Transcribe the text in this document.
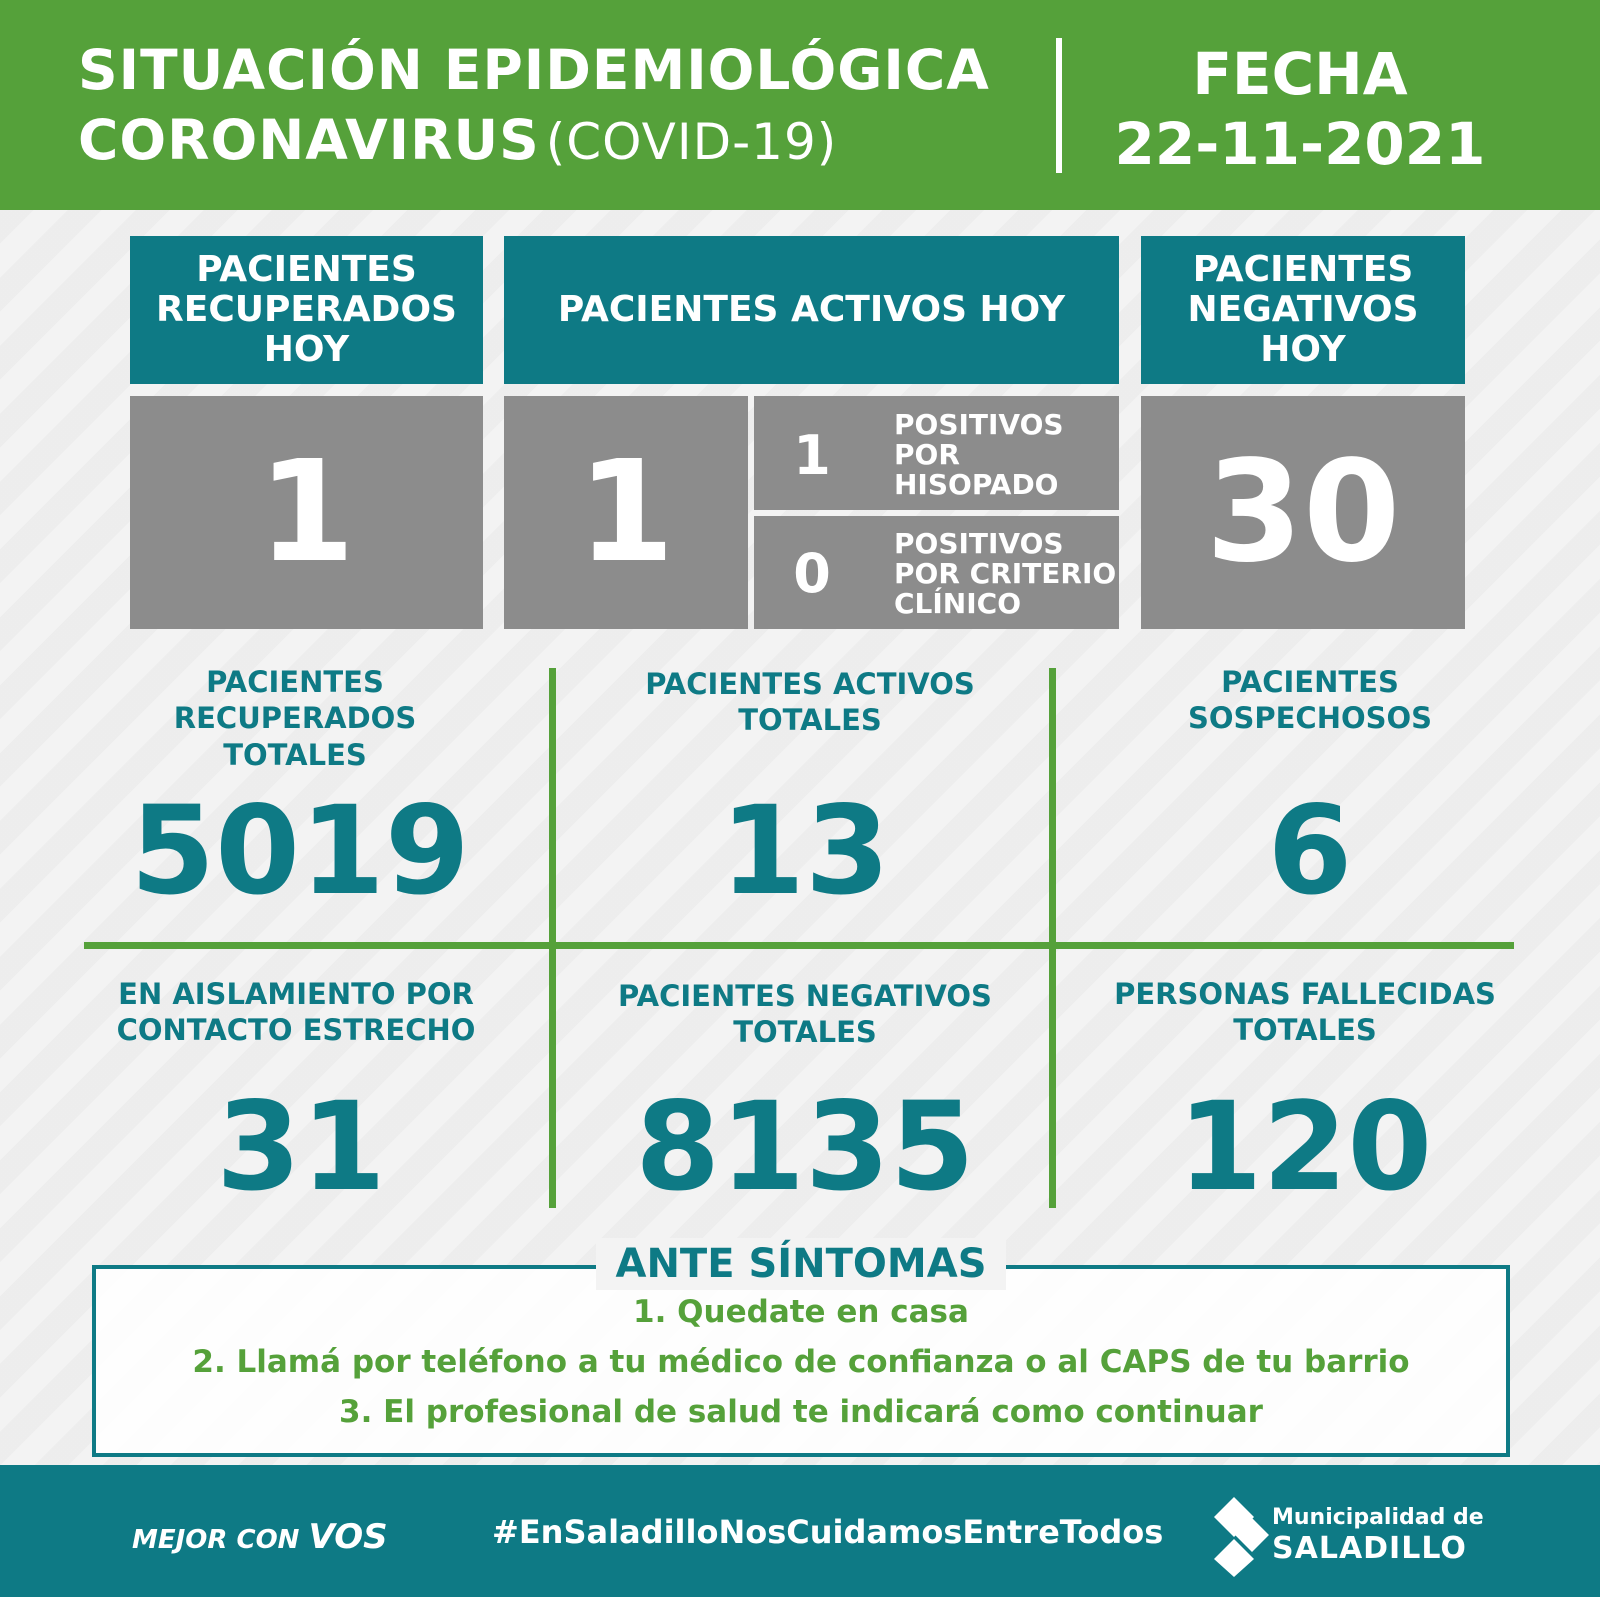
SITUACIÓN EPIDEMIOLÓGICA
CORONAVIRUS (COVID-19)
FECHA
22-11-2021
PACIENTES RECUPERADOS HOY
1
PACIENTES ACTIVOS HOY
1	1	POSITIVOS POR HISOPADO
0	POSITIVOS POR CRITERIO CLÍNICO
PACIENTES NEGATIVOS HOY
30
PACIENTES RECUPERADOS TOTALES
5019
PACIENTES ACTIVOS TOTALES
13
PACIENTES SOSPECHOSOS
6
EN AISLAMIENTO POR CONTACTO ESTRECHO
31
PACIENTES NEGATIVOS TOTALES
8135
PERSONAS FALLECIDAS TOTALES
120
ANTE SÍNTOMAS
1. Quedate en casa
2. Llamá por teléfono a tu médico de confianza o al CAPS de tu barrio
3. El profesional de salud te indicará como continuar
MEJOR CON VOS	#EnSaladilloNosCuidamosEntreTodos	Municipalidad de
SALADILLO
